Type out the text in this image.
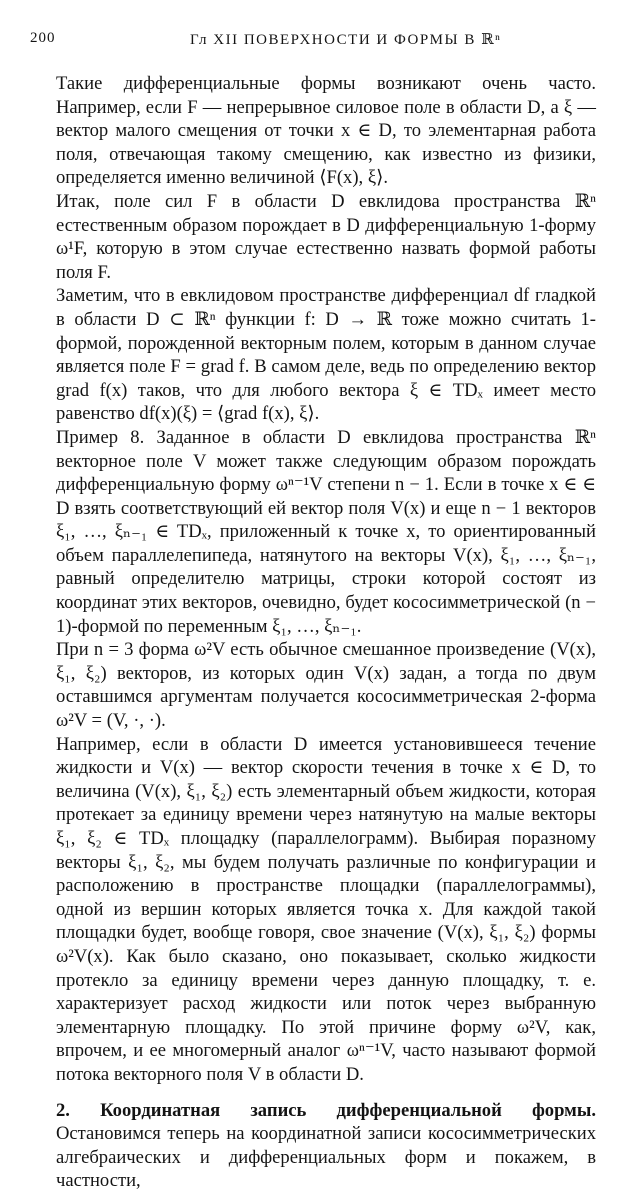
200	Гл XII ПОВЕРХНОСТИ И ФОРМЫ В ℝⁿ

Такие дифференциальные формы возникают очень часто. Например, если F — непрерывное силовое поле в области D, а ξ — вектор малого смещения от точки x ∈ D, то элементарная работа поля, отвечающая такому смещению, как известно из физики, определяется именно величиной ⟨F(x), ξ⟩.

Итак, поле сил F в области D евклидова пространства ℝⁿ естественным образом порождает в D дифференциальную 1-форму ω¹F, которую в этом случае естественно назвать формой работы поля F.

Заметим, что в евклидовом пространстве дифференциал df гладкой в области D ⊂ ℝⁿ функции f: D → ℝ тоже можно считать 1-формой, порожденной векторным полем, которым в данном случае является поле F = grad f. В самом деле, ведь по определению вектор grad f(x) таков, что для любого вектора ξ ∈ TDₓ имеет место равенство df(x)(ξ) = ⟨grad f(x), ξ⟩.

Пример 8. Заданное в области D евклидова пространства ℝⁿ векторное поле V может также следующим образом порождать дифференциальную форму ωⁿ⁻¹V степени n − 1. Если в точке x ∈ ∈ D взять соответствующий ей вектор поля V(x) и еще n − 1 векторов ξ₁, …, ξₙ₋₁ ∈ TDₓ, приложенный к точке x, то ориентированный объем параллелепипеда, натянутого на векторы V(x), ξ₁, …, ξₙ₋₁, равный определителю матрицы, строки которой состоят из координат этих векторов, очевидно, будет кососимметрической (n − 1)-формой по переменным ξ₁, …, ξₙ₋₁.

При n = 3 форма ω²V есть обычное смешанное произведение (V(x), ξ₁, ξ₂) векторов, из которых один V(x) задан, а тогда по двум оставшимся аргументам получается кососимметрическая 2-форма ω²V = (V, ·, ·).

Например, если в области D имеется установившееся течение жидкости и V(x) — вектор скорости течения в точке x ∈ D, то величина (V(x), ξ₁, ξ₂) есть элементарный объем жидкости, которая протекает за единицу времени через натянутую на малые векторы ξ₁, ξ₂ ∈ TDₓ площадку (параллелограмм). Выбирая поразному векторы ξ₁, ξ₂, мы будем получать различные по конфигурации и расположению в пространстве площадки (параллелограммы), одной из вершин которых является точка x. Для каждой такой площадки будет, вообще говоря, свое значение (V(x), ξ₁, ξ₂) формы ω²V(x). Как было сказано, оно показывает, сколько жидкости протекло за единицу времени через данную площадку, т. е. характеризует расход жидкости или поток через выбранную элементарную площадку. По этой причине форму ω²V, как, впрочем, и ее многомерный аналог ωⁿ⁻¹V, часто называют формой потока векторного поля V в области D.

2. Координатная запись дифференциальной формы. Остановимся теперь на координатной записи кососимметрических алгебраических и дифференциальных форм и покажем, в частности,
